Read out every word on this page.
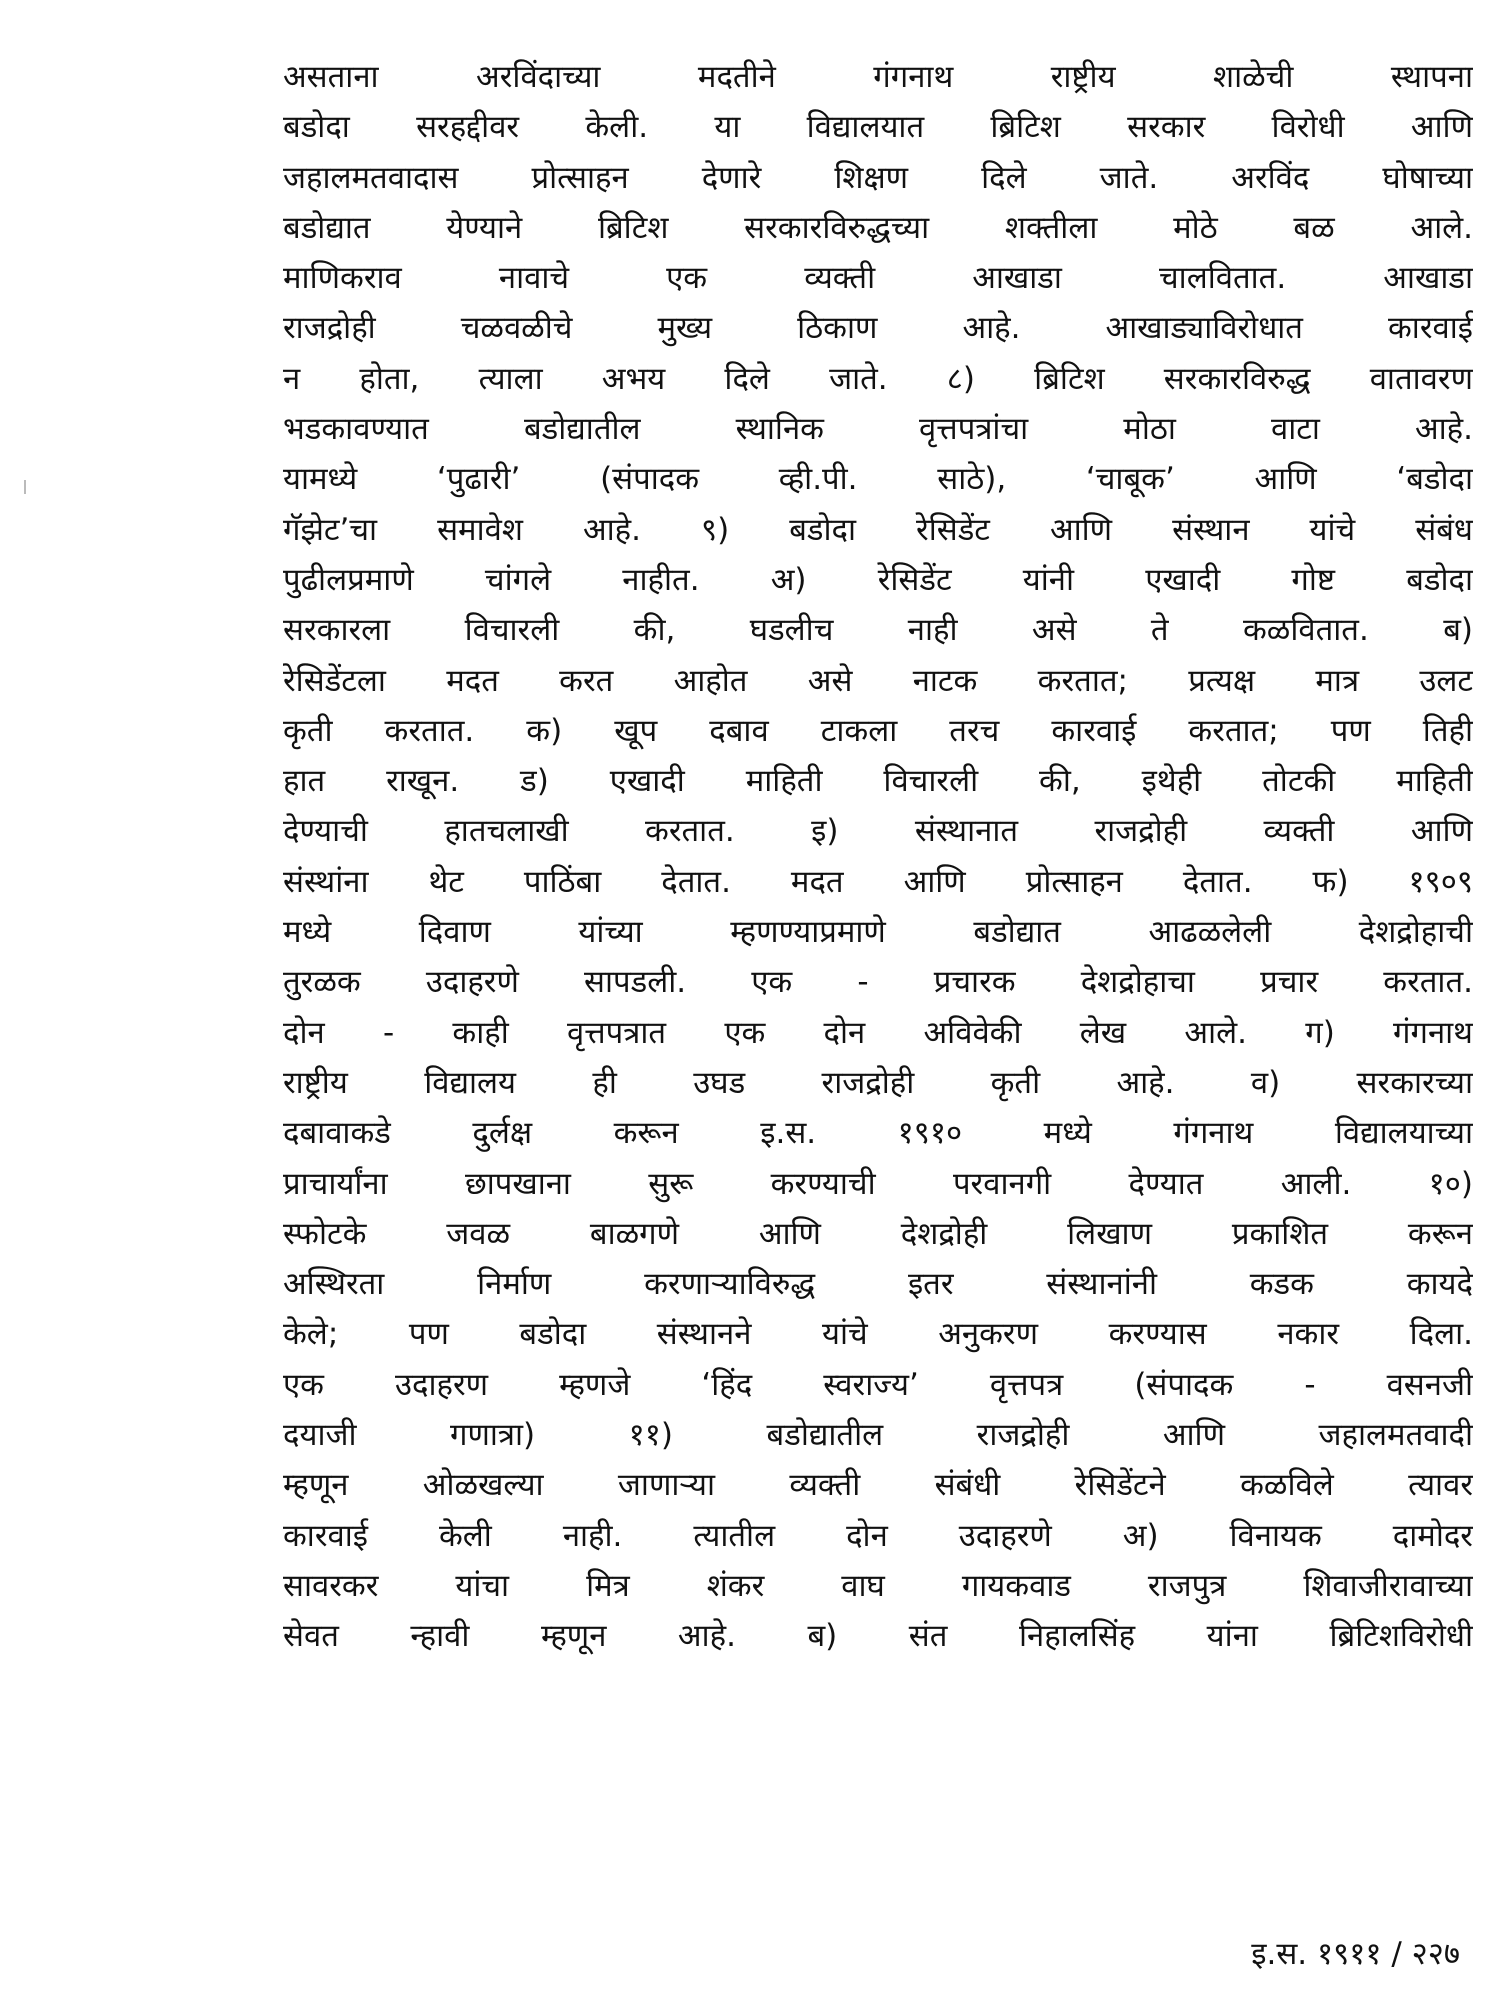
असताना अरविंदाच्या मदतीने गंगनाथ राष्ट्रीय शाळेची स्थापना
बडोदा सरहद्दीवर केली. या विद्यालयात ब्रिटिश सरकार विरोधी आणि
जहालमतवादास प्रोत्साहन देणारे शिक्षण दिले जाते. अरविंद घोषाच्या
बडोद्यात येण्याने ब्रिटिश सरकारविरुद्धच्या शक्तीला मोठे बळ आले.
माणिकराव नावाचे एक व्यक्ती आखाडा चालवितात. आखाडा
राजद्रोही चळवळीचे मुख्य ठिकाण आहे. आखाड्याविरोधात कारवाई
न होता, त्याला अभय दिले जाते. ८) ब्रिटिश सरकारविरुद्ध वातावरण
भडकावण्यात बडोद्यातील स्थानिक वृत्तपत्रांचा मोठा वाटा आहे.
यामध्ये ‘पुढारी’ (संपादक व्ही.पी. साठे), ‘चाबूक’ आणि ‘बडोदा
गॅझेट’चा समावेश आहे. ९) बडोदा रेसिडेंट आणि संस्थान यांचे संबंध
पुढीलप्रमाणे चांगले नाहीत. अ) रेसिडेंट यांनी एखादी गोष्ट बडोदा
सरकारला विचारली की, घडलीच नाही असे ते कळवितात. ब)
रेसिडेंटला मदत करत आहोत असे नाटक करतात; प्रत्यक्ष मात्र उलट
कृती करतात. क) खूप दबाव टाकला तरच कारवाई करतात; पण तिही
हात राखून. ड) एखादी माहिती विचारली की, इथेही तोटकी माहिती
देण्याची हातचलाखी करतात. इ) संस्थानात राजद्रोही व्यक्ती आणि
संस्थांना थेट पाठिंबा देतात. मदत आणि प्रोत्साहन देतात. फ) १९०९
मध्ये दिवाण यांच्या म्हणण्याप्रमाणे बडोद्यात आढळलेली देशद्रोहाची
तुरळक उदाहरणे सापडली. एक - प्रचारक देशद्रोहाचा प्रचार करतात.
दोन - काही वृत्तपत्रात एक दोन अविवेकी लेख आले. ग) गंगनाथ
राष्ट्रीय विद्यालय ही उघड राजद्रोही कृती आहे. व) सरकारच्या
दबावाकडे दुर्लक्ष करून इ.स. १९१० मध्ये गंगनाथ विद्यालयाच्या
प्राचार्यांना छापखाना सुरू करण्याची परवानगी देण्यात आली. १०)
स्फोटके जवळ बाळगणे आणि देशद्रोही लिखाण प्रकाशित करून
अस्थिरता निर्माण करणाऱ्याविरुद्ध इतर संस्थानांनी कडक कायदे
केले; पण बडोदा संस्थानने यांचे अनुकरण करण्यास नकार दिला.
एक उदाहरण म्हणजे ‘हिंद स्वराज्य’ वृत्तपत्र (संपादक - वसनजी
दयाजी गणात्रा) ११) बडोद्यातील राजद्रोही आणि जहालमतवादी
म्हणून ओळखल्या जाणाऱ्या व्यक्ती संबंधी रेसिडेंटने कळविले त्यावर
कारवाई केली नाही. त्यातील दोन उदाहरणे अ) विनायक दामोदर
सावरकर यांचा मित्र शंकर वाघ गायकवाड राजपुत्र शिवाजीरावाच्या
सेवत न्हावी म्हणून आहे. ब) संत निहालसिंह यांना ब्रिटिशविरोधी
इ.स. १९११ / २२७
